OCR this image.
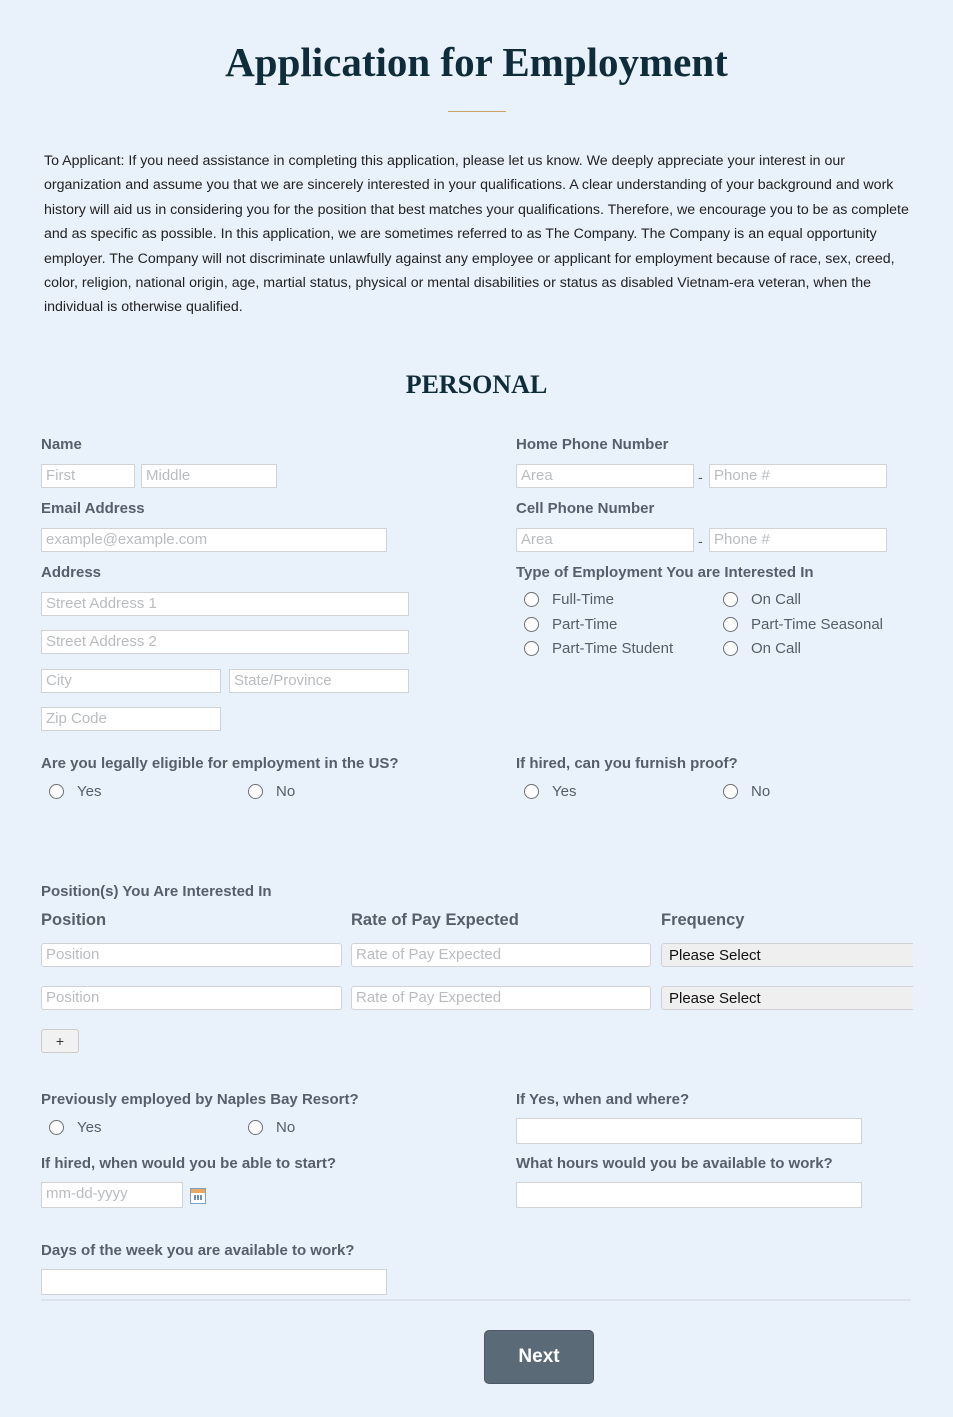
Application for Employment

To Applicant: If you need assistance in completing this application, please let us know. We deeply appreciate your interest in our organization and assume you that we are sincerely interested in your qualifications. A clear understanding of your background and work history will aid us in considering you for the position that best matches your qualifications. Therefore, we encourage you to be as complete and as specific as possible. In this application, we are sometimes referred to as The Company. The Company is an equal opportunity employer. The Company will not discriminate unlawfully against any employee or applicant for employment because of race, sex, creed, color, religion, national origin, age, martial status, physical or mental disabilities or status as disabled Vietnam-era veteran, when the individual is otherwise qualified.

PERSONAL
Name
First	Middle
Email Address
example@example.com
Address
Street Address 1
Street Address 2
City	State/Province
Zip Code
Home Phone Number
Area	- Phone #
Cell Phone Number
Area	- Phone #
Type of Employment You are Interested In
Full-Time	On Call
Part-Time	Part-Time Seasonal
Part-Time Student	On Call
Are you legally eligible for employment in the US?
Yes	No
If hired, can you furnish proof?
Yes	No
Position(s) You Are Interested In
Position	Rate of Pay Expected	Frequency
Position	Rate of Pay Expected	Please Select
Position	Rate of Pay Expected	Please Select
+
Previously employed by Naples Bay Resort?
Yes	No
If Yes, when and where?
If hired, when would you be able to start?
mm-dd-yyyy
What hours would you be available to work?
Days of the week you are available to work?
Next
